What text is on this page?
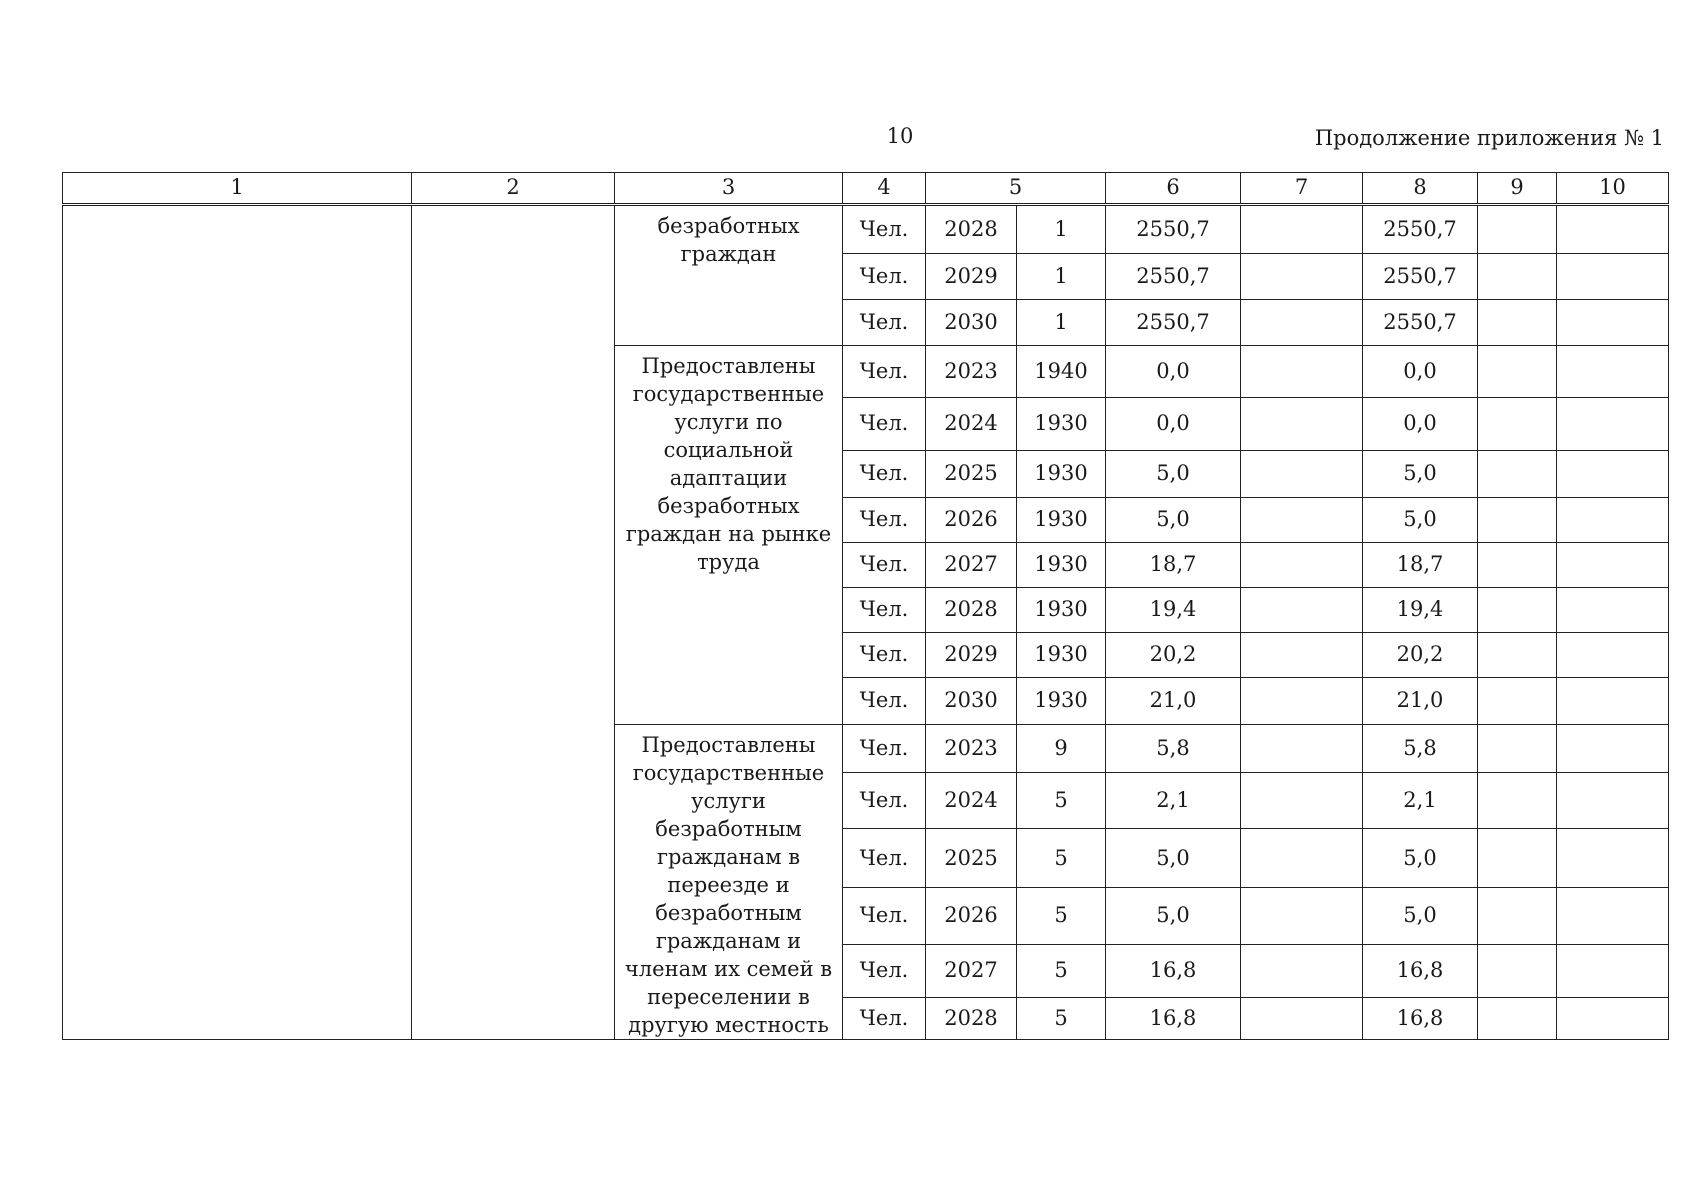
10	Продолжение приложения № 1
1	2	3	4	5		6	7	8	9	10
		безработных граждан	Чел.	2028	1	2550,7		2550,7		
			Чел.	2029	1	2550,7		2550,7		
			Чел.	2030	1	2550,7		2550,7		
		Предоставлены государственные услуги по социальной адаптации безработных граждан на рынке труда	Чел.	2023	1940	0,0		0,0		
			Чел.	2024	1930	0,0		0,0		
			Чел.	2025	1930	5,0		5,0		
			Чел.	2026	1930	5,0		5,0		
			Чел.	2027	1930	18,7		18,7		
			Чел.	2028	1930	19,4		19,4		
			Чел.	2029	1930	20,2		20,2		
			Чел.	2030	1930	21,0		21,0		
		Предоставлены государственные услуги безработным гражданам в переезде и безработным гражданам и членам их семей в переселении в другую местность	Чел.	2023	9	5,8		5,8		
			Чел.	2024	5	2,1		2,1		
			Чел.	2025	5	5,0		5,0		
			Чел.	2026	5	5,0		5,0		
			Чел.	2027	5	16,8		16,8		
			Чел.	2028	5	16,8		16,8		
